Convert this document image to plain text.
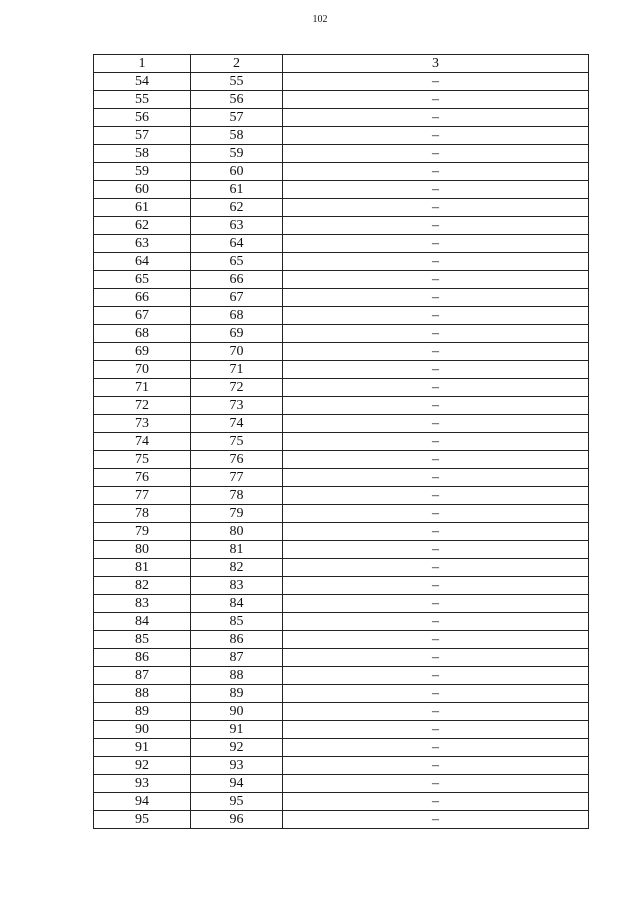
102
1	2	3
54	55	–
55	56	–
56	57	–
57	58	–
58	59	–
59	60	–
60	61	–
61	62	–
62	63	–
63	64	–
64	65	–
65	66	–
66	67	–
67	68	–
68	69	–
69	70	–
70	71	–
71	72	–
72	73	–
73	74	–
74	75	–
75	76	–
76	77	–
77	78	–
78	79	–
79	80	–
80	81	–
81	82	–
82	83	–
83	84	–
84	85	–
85	86	–
86	87	–
87	88	–
88	89	–
89	90	–
90	91	–
91	92	–
92	93	–
93	94	–
94	95	–
95	96	–
